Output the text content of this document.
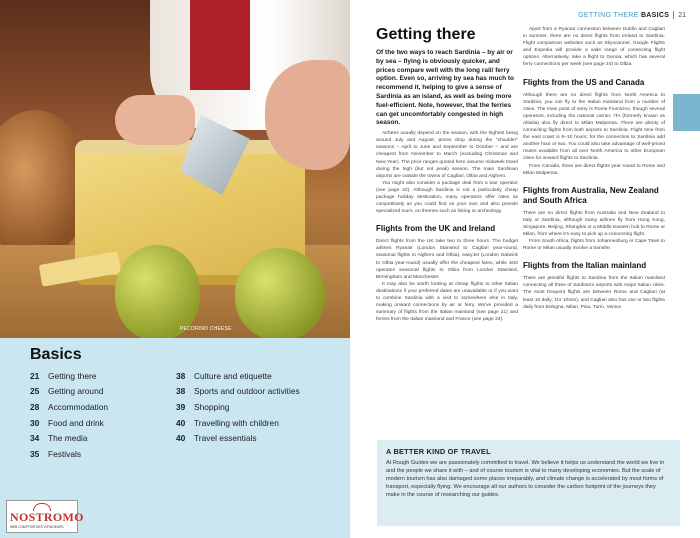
PECORINO CHEESE
Basics
21	Getting there
25	Getting around
28	Accommodation
30	Food and drink
34	The media
35	Festivals
38	Culture and etiquette
38	Sports and outdoor activities
39	Shopping
40	Travelling with children
40	Travel essentials
NOSTROMO
WEB COMPTOIR DES VOYAGEURS
GETTING THERE BASICS 21
Getting there
Of the two ways to reach Sardinia – by air or by sea – flying is obviously quicker, and prices compare well with the long rail/ ferry option. Even so, arriving by sea has much to recommend it, helping to give a sense of Sardinia as an island, as well as being more fuel-efficient. Note, however, that the ferries can get uncomfortably congested in high season.

Airfares usually depend on the season, with the highest being around July and August; prices drop during the "shoulder" seasons – April to June and September to October – and are cheapest from November to March (excluding Christmas and New Year). The price ranges quoted here assume midweek travel during the high (but not peak) season. The main Sardinian airports are outside the towns of Cagliari, Olbia and Alghero.

You might also consider a package deal from a tour operator (see page 22). Although Sardinia is not a particularly cheap package holiday destination, many operators offer rates as competitively as you could find on your own and also provide specialized tours, on themes such as hiking or archeology.

Flights from the UK and Ireland

Direct flights from the UK take two to three hours. The budget airlines Ryanair (London Stansted to Cagliari year-round, seasonal flights to Alghero and Olbia), easyJet (London Gatwick to Olbia year-round) usually offer the cheapest fares, while Jet2 operates seasonal flights to Olbia from London Stansted, Birmingham and Manchester.

It may also be worth looking at cheap flights to other Italian destinations if your preferred dates are unavailable or if you want to combine Sardinia with a visit to somewhere else in Italy, making onward connections by air or ferry. We've provided a summary of flights from the Italian mainland (see page 21) and ferries from the Italian mainland and France (see page 23).

Apart from a Ryanair connection between Dublin and Cagliari in summer, there are no direct flights from Ireland to Sardinia. Flight comparison websites such as Skyscanner, Google Flights and Expedia will provide a wide range of connecting flight options. Alternatively, take a flight to Genoa, which has several ferry connections per week (see page 24) to Olbia.

Flights from the US and Canada

Although there are no direct flights from North America to Sardinia, you can fly to the Italian mainland from a number of cities. The main point of entry is Rome Fiumicino, though several operators, including the national carrier, ITA (formerly known as Alitalia) also fly direct to Milan Malpensa. There are plenty of connecting flights from both airports to Sardinia. Flight time from the east coast is 8–10 hours; for the connection to Sardinia add another hour or two. You could also take advantage of well-priced routes available from all over North America to other European cities for onward flights to Sardinia.

From Canada, there are direct flights year round to Rome and Milan Malpensa.

Flights from Australia, New Zealand and South Africa

There are no direct flights from Australia and New Zealand to Italy or Sardinia, although many airlines fly from Hong Kong, Singapore, Beijing, Shanghai or a Middle Eastern hub to Rome or Milan, from where it's easy to pick up a connecting flight.

From South Africa, flights from Johannesburg or Cape Town to Rome or Milan usually involve a transfer.

Flights from the Italian mainland

There are plentiful flights to Sardinia from the Italian mainland connecting all three of Sardinia's airports with major Italian cities. The most frequent flights are between Rome and Cagliari (at least 10 daily; 1hr 10min), and Cagliari also has one or two flights daily from Bologna, Milan, Pisa, Turin, Venice

A BETTER KIND OF TRAVEL
At Rough Guides we are passionately committed to travel. We believe it helps us understand the world we live in and the people we share it with – and of course tourism is vital to many developing economies. But the scale of modern tourism has also damaged some places irreparably, and climate change is accelerated by most forms of transport, especially flying. We encourage all our authors to consider the carbon footprint of the journeys they make in the course of researching our guides.
